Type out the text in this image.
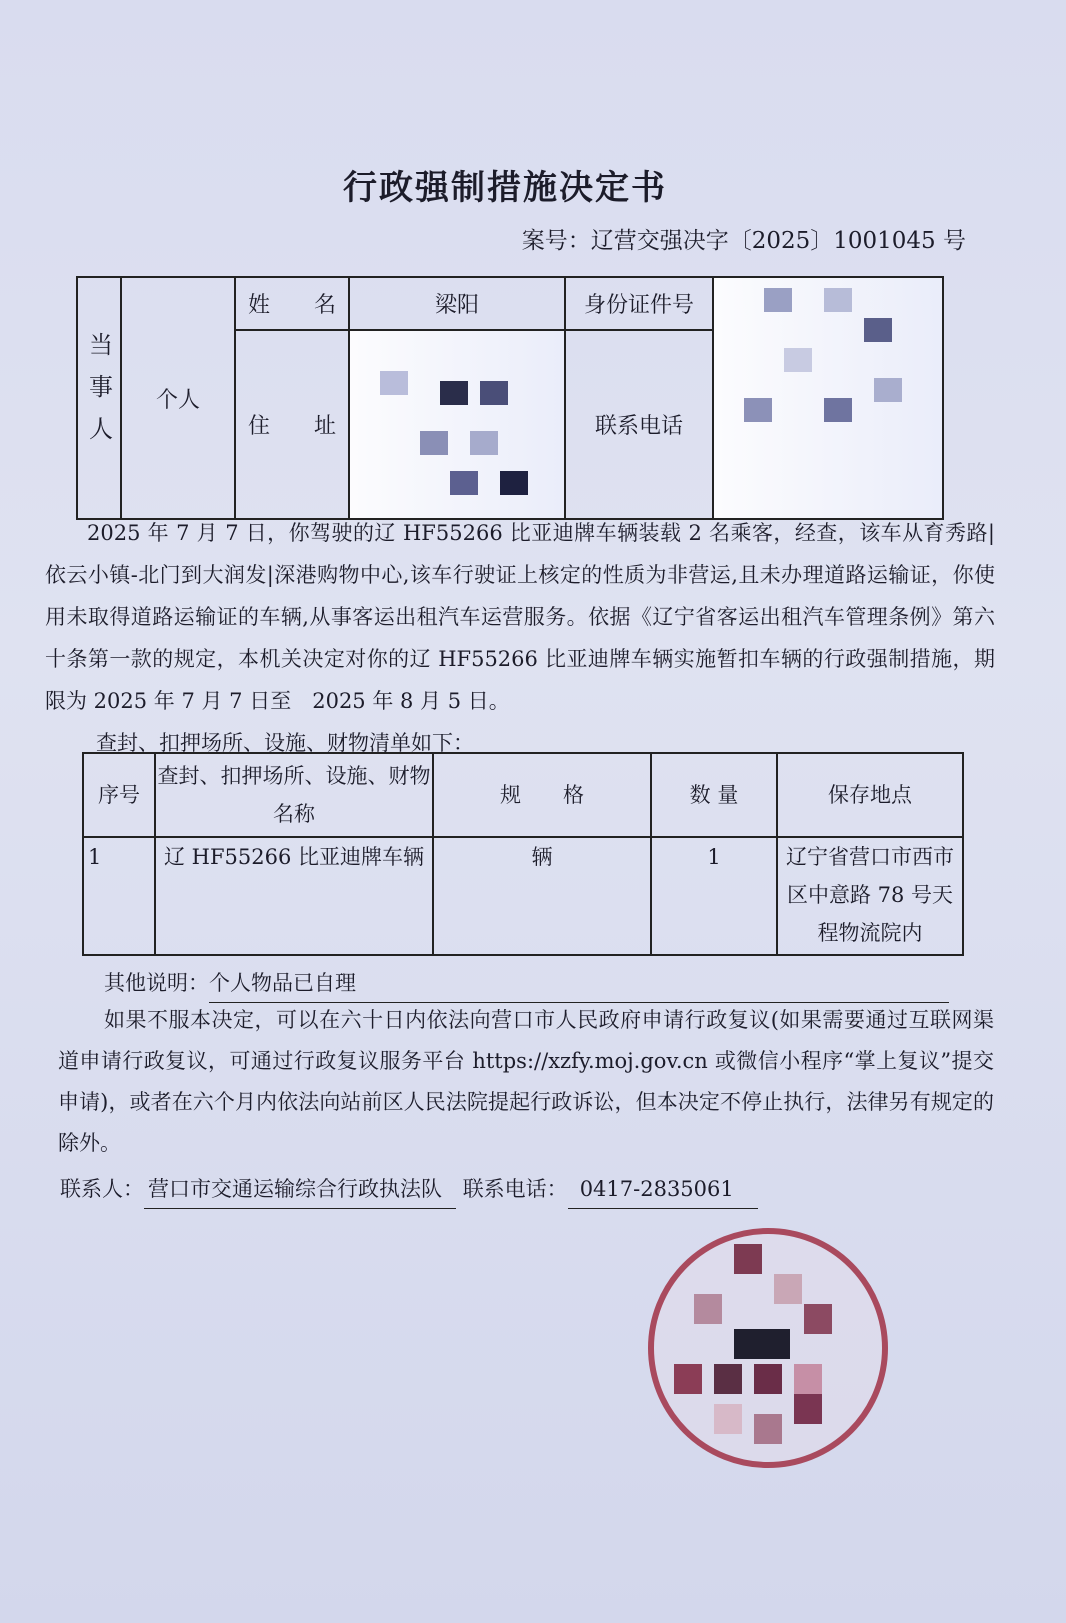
行政强制措施决定书
案号：辽营交强决字〔2025〕1001045 号
当事人	个人	姓　　名	梁阳	身份证件号	

		住　　址		联系电话	
2025 年 7 月 7 日，你驾驶的辽 HF55266 比亚迪牌车辆装载 2 名乘客，经查，该车从育秀路|依云小镇-北门到大润发|深港购物中心,该车行驶证上核定的性质为非营运,且未办理道路运输证，你使用未取得道路运输证的车辆,从事客运出租汽车运营服务。依据《辽宁省客运出租汽车管理条例》第六十条第一款的规定，本机关决定对你的辽 HF55266 比亚迪牌车辆实施暂扣车辆的行政强制措施，期限为 2025 年 7 月 7 日至　2025 年 8 月 5 日。
查封、扣押场所、设施、财物清单如下：
序号	查封、扣押场所、设施、财物名称	规　　格	数 量	保存地点
1	辽 HF55266 比亚迪牌车辆	辆	1	辽宁省营口市西市区中意路 78 号天程物流院内
其他说明：个人物品已自理
如果不服本决定，可以在六十日内依法向营口市人民政府申请行政复议(如果需要通过互联网渠道申请行政复议，可通过行政复议服务平台 https://xzfy.moj.gov.cn 或微信小程序“掌上复议”提交申请)，或者在六个月内依法向站前区人民法院提起行政诉讼，但本决定不停止执行，法律另有规定的除外。
联系人： 营口市交通运输综合行政执法队 联系电话： 0417-2835061
